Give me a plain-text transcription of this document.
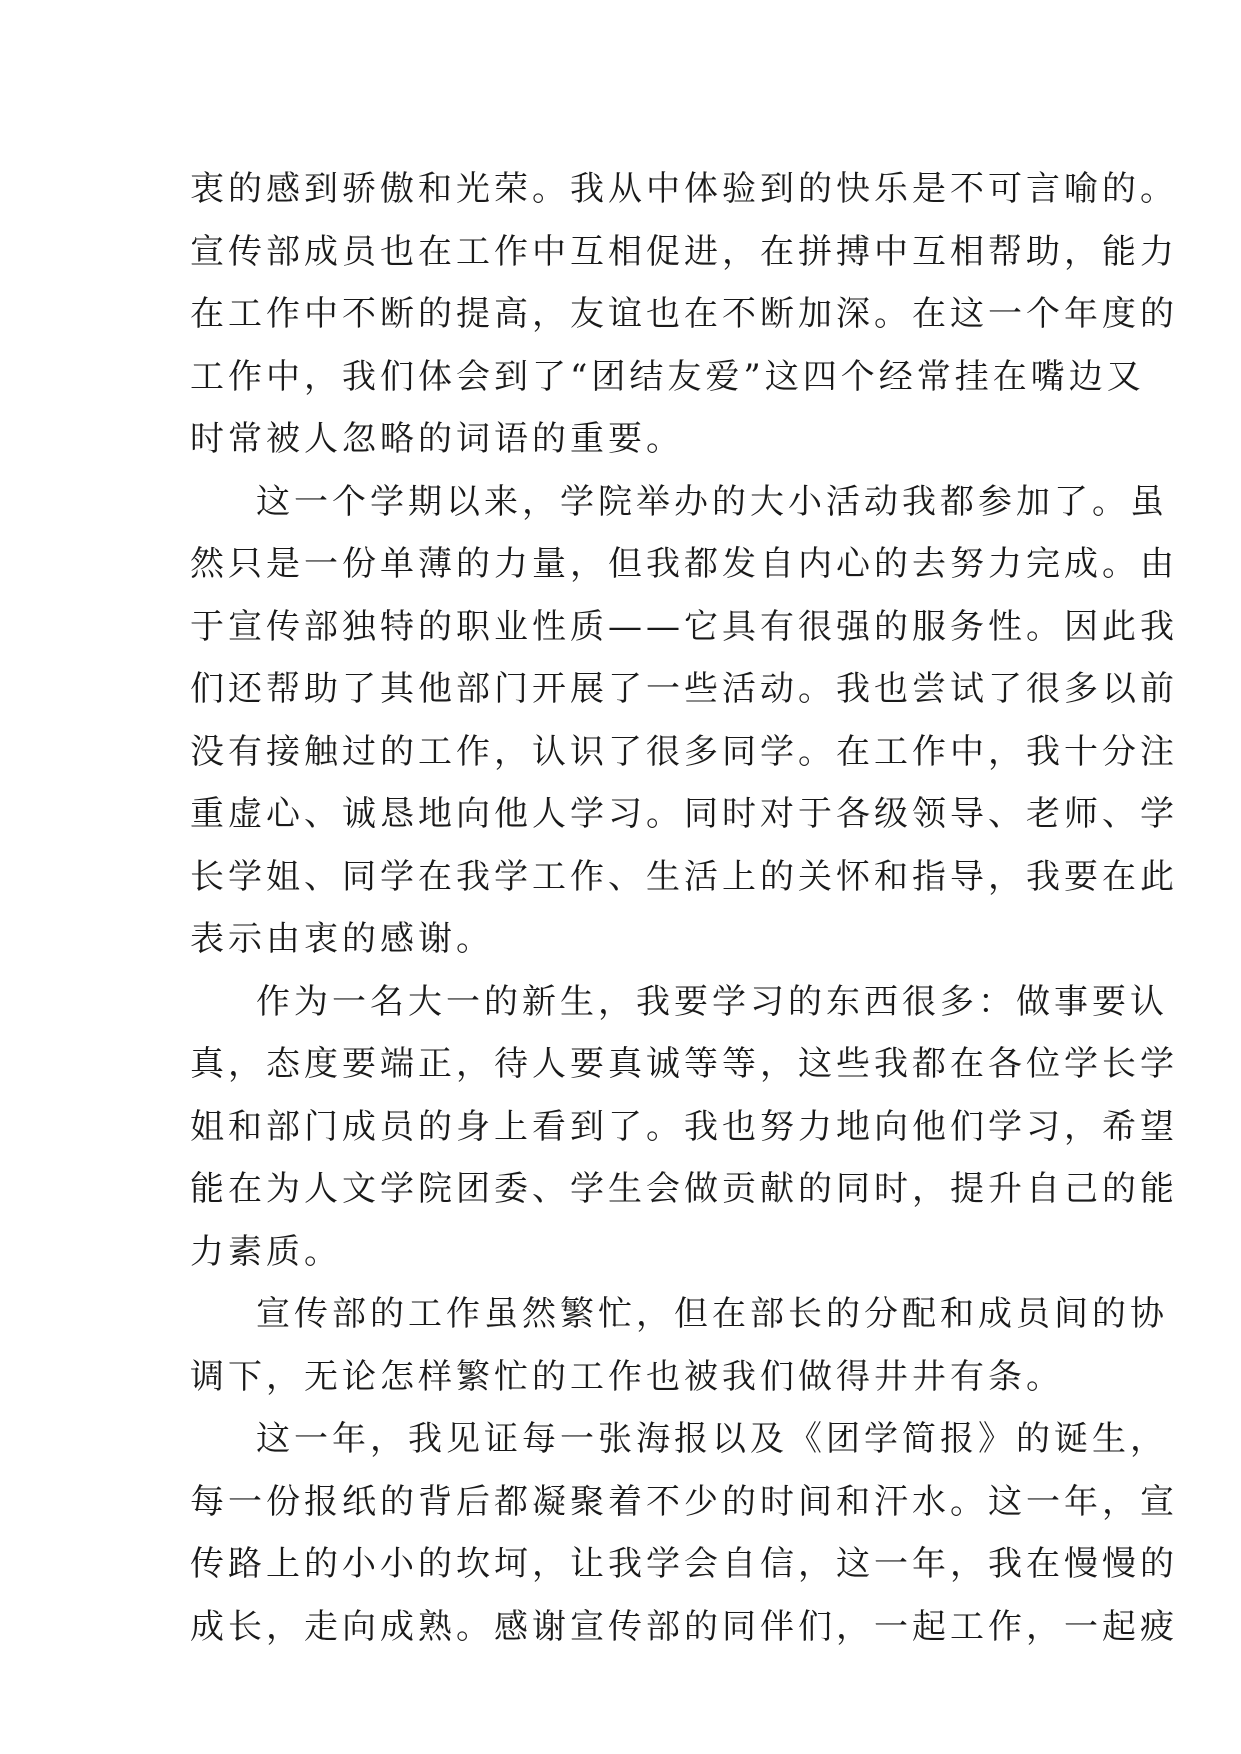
衷的感到骄傲和光荣。我从中体验到的快乐是不可言喻的。
宣传部成员也在工作中互相促进，在拼搏中互相帮助，能力
在工作中不断的提高，友谊也在不断加深。在这一个年度的
工作中，我们体会到了“团结友爱”这四个经常挂在嘴边又
时常被人忽略的词语的重要。
这一个学期以来，学院举办的大小活动我都参加了。虽
然只是一份单薄的力量，但我都发自内心的去努力完成。由
于宣传部独特的职业性质——它具有很强的服务性。因此我
们还帮助了其他部门开展了一些活动。我也尝试了很多以前
没有接触过的工作，认识了很多同学。在工作中，我十分注
重虚心、诚恳地向他人学习。同时对于各级领导、老师、学
长学姐、同学在我学工作、生活上的关怀和指导，我要在此
表示由衷的感谢。
作为一名大一的新生，我要学习的东西很多：做事要认
真，态度要端正，待人要真诚等等，这些我都在各位学长学
姐和部门成员的身上看到了。我也努力地向他们学习，希望
能在为人文学院团委、学生会做贡献的同时，提升自己的能
力素质。
宣传部的工作虽然繁忙，但在部长的分配和成员间的协
调下，无论怎样繁忙的工作也被我们做得井井有条。
这一年，我见证每一张海报以及《团学简报》的诞生，
每一份报纸的背后都凝聚着不少的时间和汗水。这一年，宣
传路上的小小的坎坷，让我学会自信，这一年，我在慢慢的
成长，走向成熟。感谢宣传部的同伴们，一起工作，一起疲
